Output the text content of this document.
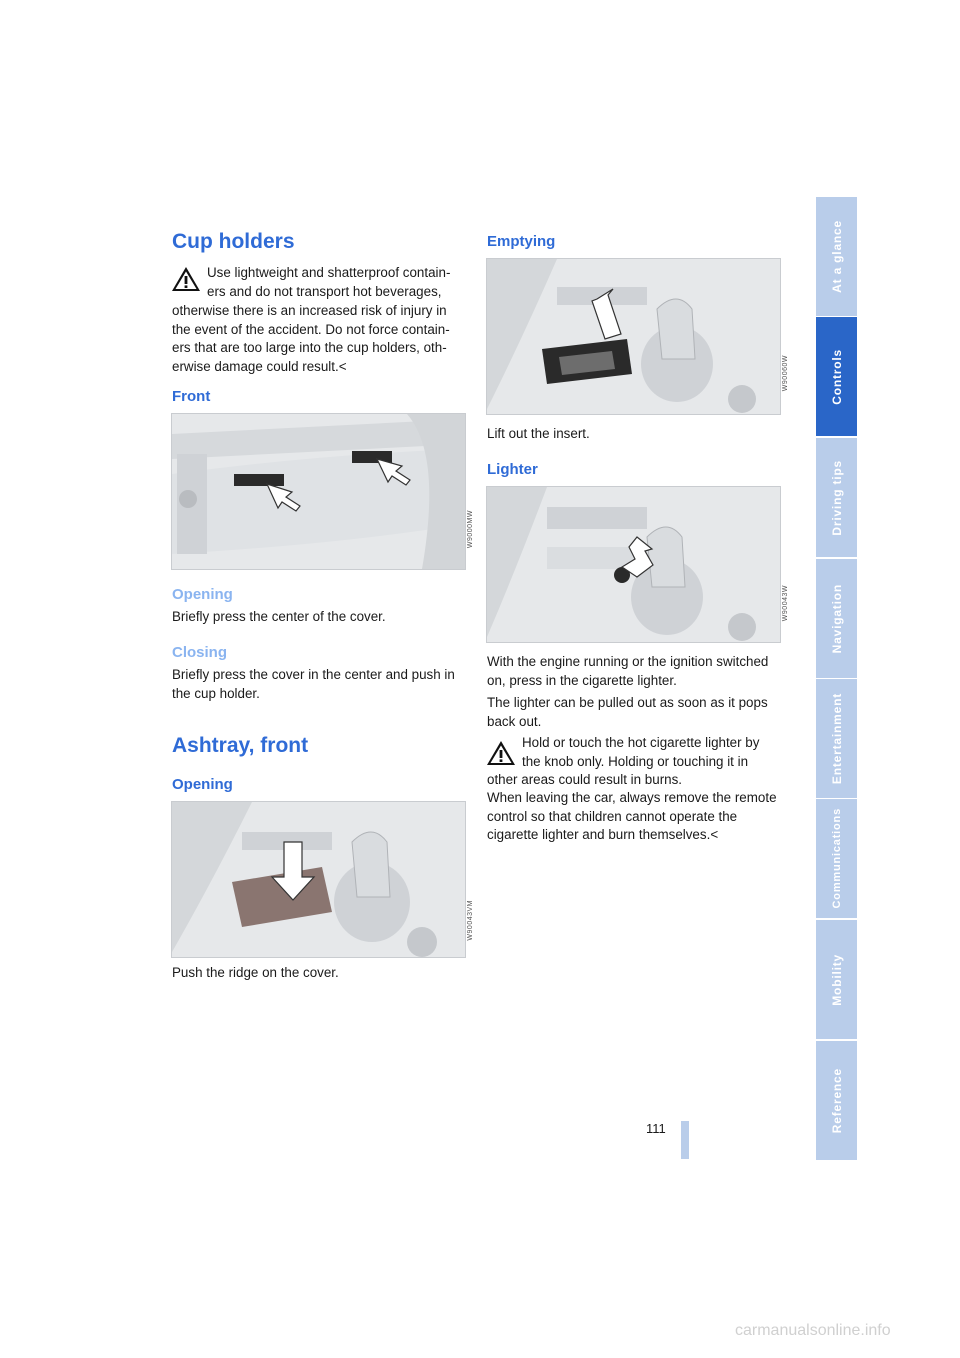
Cup holders
Use lightweight and shatterproof contain-
ers and do not transport hot beverages,
otherwise there is an increased risk of injury in the event of the accident. Do not force contain-ers that are too large into the cup holders, oth-erwise damage could result.<
Front
W9000MW
Opening
Briefly press the center of the cover.
Closing
Briefly press the cover in the center and push in the cup holder.
Ashtray, front
Opening
W90043VM
Push the ridge on the cover.
Emptying
W90060W
Lift out the insert.
Lighter
W90043W
With the engine running or the ignition switched on, press in the cigarette lighter.
The lighter can be pulled out as soon as it pops back out.
Hold or touch the hot cigarette lighter by
the knob only. Holding or touching it in
other areas could result in burns.
When leaving the car, always remove the remote control so that children cannot operate the cigarette lighter and burn themselves.<
111
At a glance
Controls
Driving tips
Navigation
Entertainment
Communications
Mobility
Reference
carmanualsonline.info
